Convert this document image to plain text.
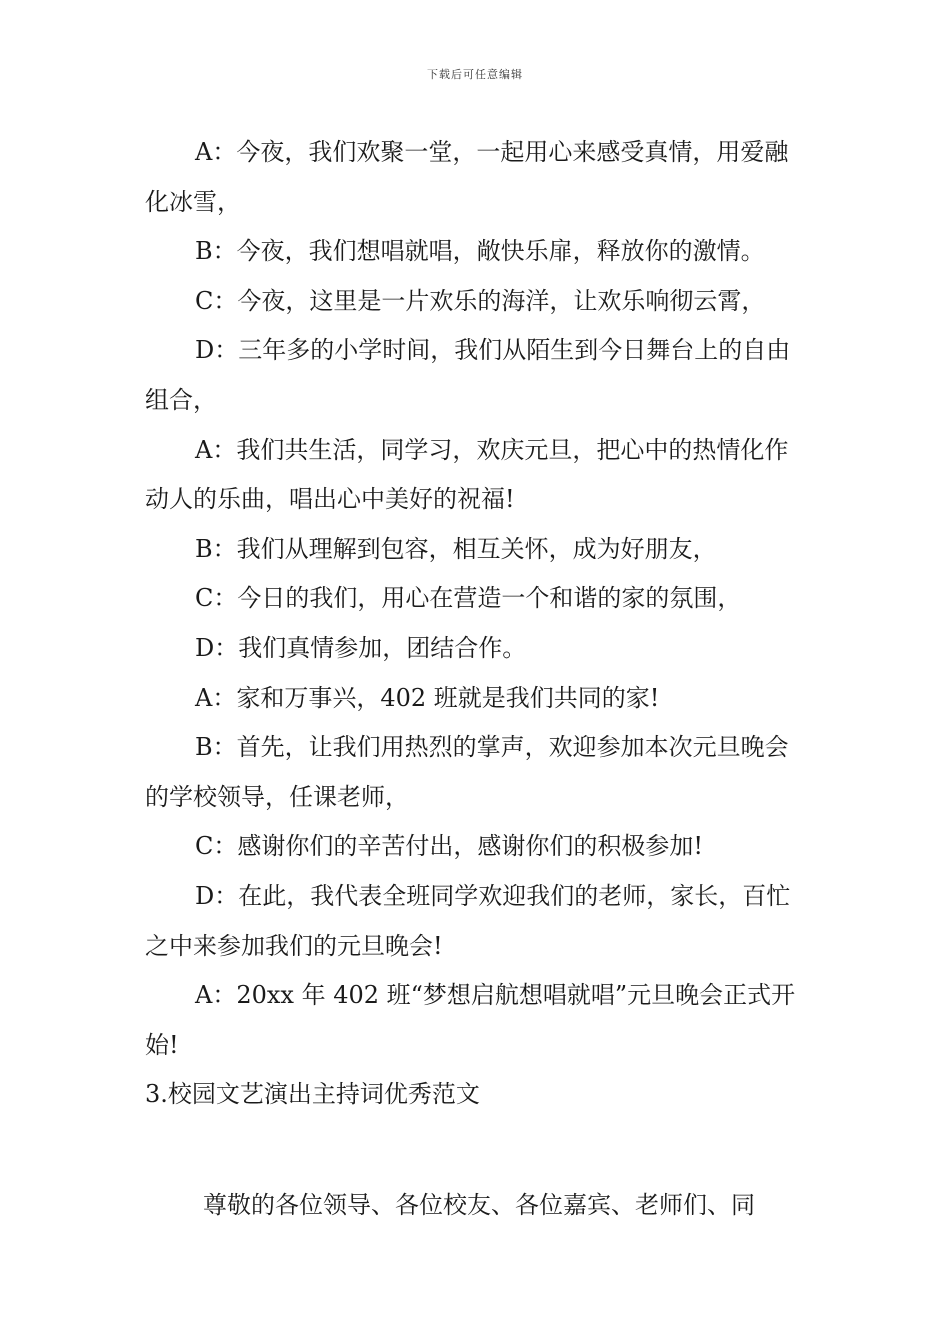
下载后可任意编辑

A：今夜，我们欢聚一堂，一起用心来感受真情，用爱融化冰雪，

B：今夜，我们想唱就唱，敞快乐扉，释放你的激情。

C：今夜，这里是一片欢乐的海洋，让欢乐响彻云霄，

D：三年多的小学时间，我们从陌生到今日舞台上的自由组合，

A：我们共生活，同学习，欢庆元旦，把心中的热情化作动人的乐曲，唱出心中美好的祝福!

B：我们从理解到包容，相互关怀，成为好朋友，

C：今日的我们，用心在营造一个和谐的家的氛围，

D：我们真情参加，团结合作。

A：家和万事兴，402 班就是我们共同的家!

B：首先，让我们用热烈的掌声，欢迎参加本次元旦晚会的学校领导，任课老师，

C：感谢你们的辛苦付出，感谢你们的积极参加!

D：在此，我代表全班同学欢迎我们的老师，家长，百忙之中来参加我们的元旦晚会!

A：20xx 年 402 班“梦想启航想唱就唱”元旦晚会正式开始!

3.校园文艺演出主持词优秀范文

尊敬的各位领导、各位校友、各位嘉宾、老师们、同
